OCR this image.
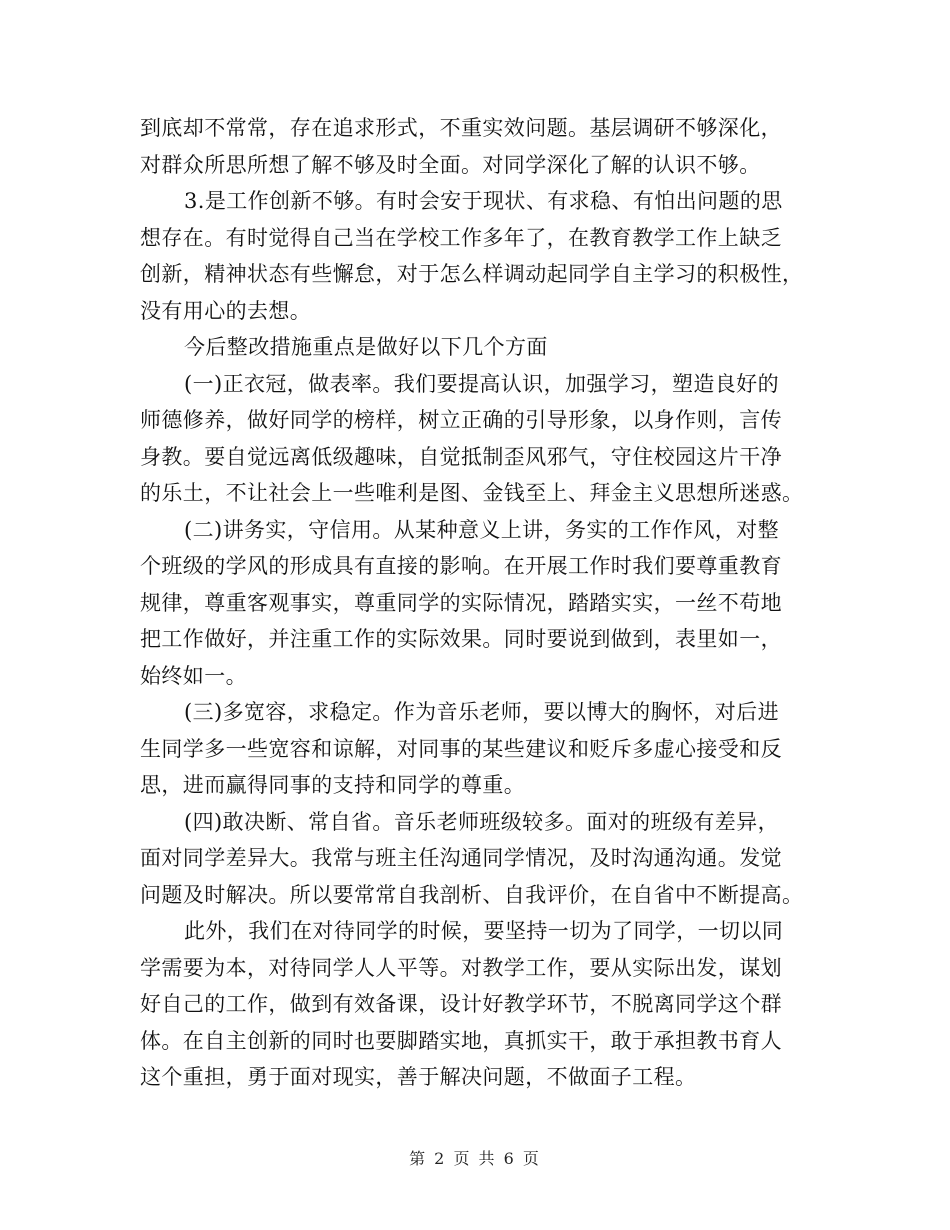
到底却不常常，存在追求形式，不重实效问题。基层调研不够深化，
对群众所思所想了解不够及时全面。对同学深化了解的认识不够。
3.是工作创新不够。有时会安于现状、有求稳、有怕出问题的思
想存在。有时觉得自己当在学校工作多年了，在教育教学工作上缺乏
创新，精神状态有些懈怠，对于怎么样调动起同学自主学习的积极性，
没有用心的去想。
今后整改措施重点是做好以下几个方面
(一)正衣冠，做表率。我们要提高认识，加强学习，塑造良好的
师德修养，做好同学的榜样，树立正确的引导形象，以身作则，言传
身教。要自觉远离低级趣味，自觉抵制歪风邪气，守住校园这片干净
的乐土，不让社会上一些唯利是图、金钱至上、拜金主义思想所迷惑。
(二)讲务实，守信用。从某种意义上讲，务实的工作作风，对整
个班级的学风的形成具有直接的影响。在开展工作时我们要尊重教育
规律，尊重客观事实，尊重同学的实际情况，踏踏实实，一丝不苟地
把工作做好，并注重工作的实际效果。同时要说到做到，表里如一，
始终如一。
(三)多宽容，求稳定。作为音乐老师，要以博大的胸怀，对后进
生同学多一些宽容和谅解，对同事的某些建议和贬斥多虚心接受和反
思，进而赢得同事的支持和同学的尊重。
(四)敢决断、常自省。音乐老师班级较多。面对的班级有差异，
面对同学差异大。我常与班主任沟通同学情况，及时沟通沟通。发觉
问题及时解决。所以要常常自我剖析、自我评价，在自省中不断提高。
此外，我们在对待同学的时候，要坚持一切为了同学，一切以同
学需要为本，对待同学人人平等。对教学工作，要从实际出发，谋划
好自己的工作，做到有效备课，设计好教学环节，不脱离同学这个群
体。在自主创新的同时也要脚踏实地，真抓实干，敢于承担教书育人
这个重担，勇于面对现实，善于解决问题，不做面子工程。
第 2 页 共 6 页
